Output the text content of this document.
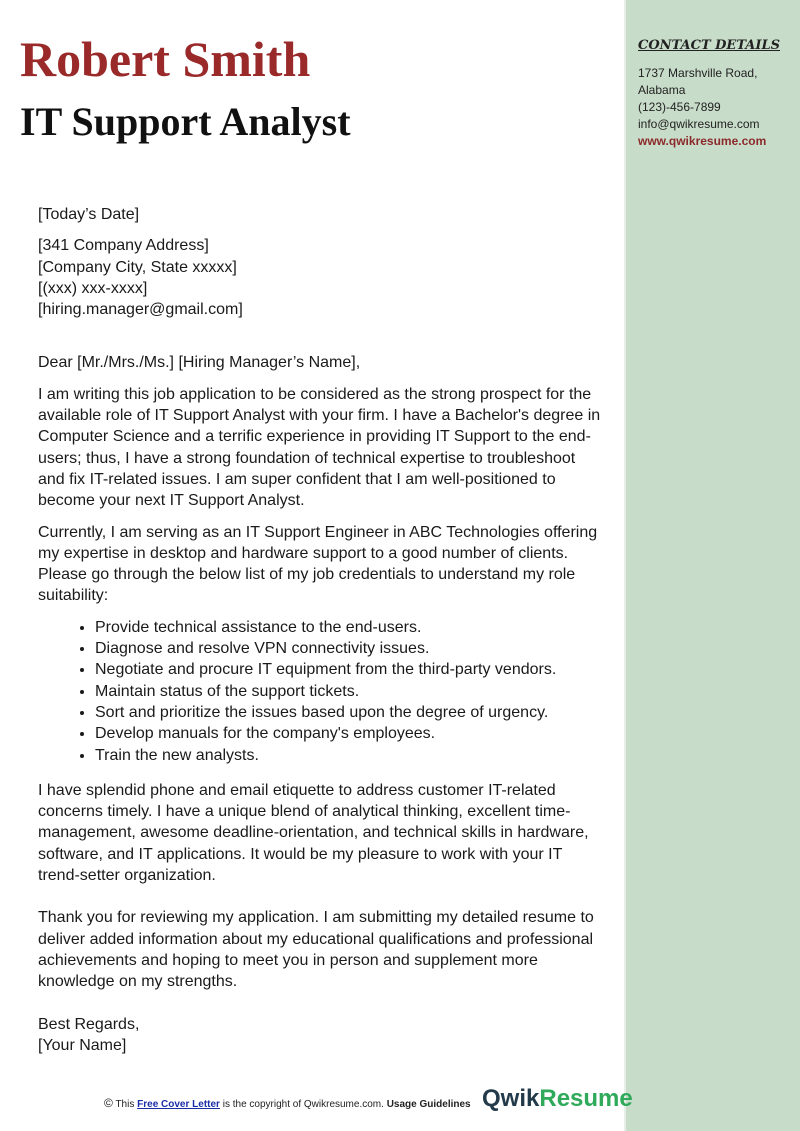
CONTACT DETAILS
1737 Marshville Road,
Alabama
(123)-456-7899
info@qwikresume.com
www.qwikresume.com
Robert Smith
IT Support Analyst

[Today’s Date]

[341 Company Address]
[Company City, State xxxxx]
[(xxx) xxx-xxxx]
[hiring.manager@gmail.com]

Dear [Mr./Mrs./Ms.] [Hiring Manager’s Name],

I am writing this job application to be considered as the strong prospect for the available role of IT Support Analyst with your firm. I have a Bachelor's degree in Computer Science and a terrific experience in providing IT Support to the end-users; thus, I have a strong foundation of technical expertise to troubleshoot and fix IT-related issues. I am super confident that I am well-positioned to become your next IT Support Analyst.

Currently, I am serving as an IT Support Engineer in ABC Technologies offering my expertise in desktop and hardware support to a good number of clients. Please go through the below list of my job credentials to understand my role suitability:

• Provide technical assistance to the end-users.
• Diagnose and resolve VPN connectivity issues.
• Negotiate and procure IT equipment from the third-party vendors.
• Maintain status of the support tickets.
• Sort and prioritize the issues based upon the degree of urgency.
• Develop manuals for the company's employees.
• Train the new analysts.

I have splendid phone and email etiquette to address customer IT-related concerns timely. I have a unique blend of analytical thinking, excellent time-management, awesome deadline-orientation, and technical skills in hardware, software, and IT applications. It would be my pleasure to work with your IT trend-setter organization.

Thank you for reviewing my application. I am submitting my detailed resume to deliver added information about my educational qualifications and professional achievements and hoping to meet you in person and supplement more knowledge on my strengths.

Best Regards,
[Your Name]

© This Free Cover Letter is the copyright of Qwikresume.com. Usage Guidelines QwikResume
